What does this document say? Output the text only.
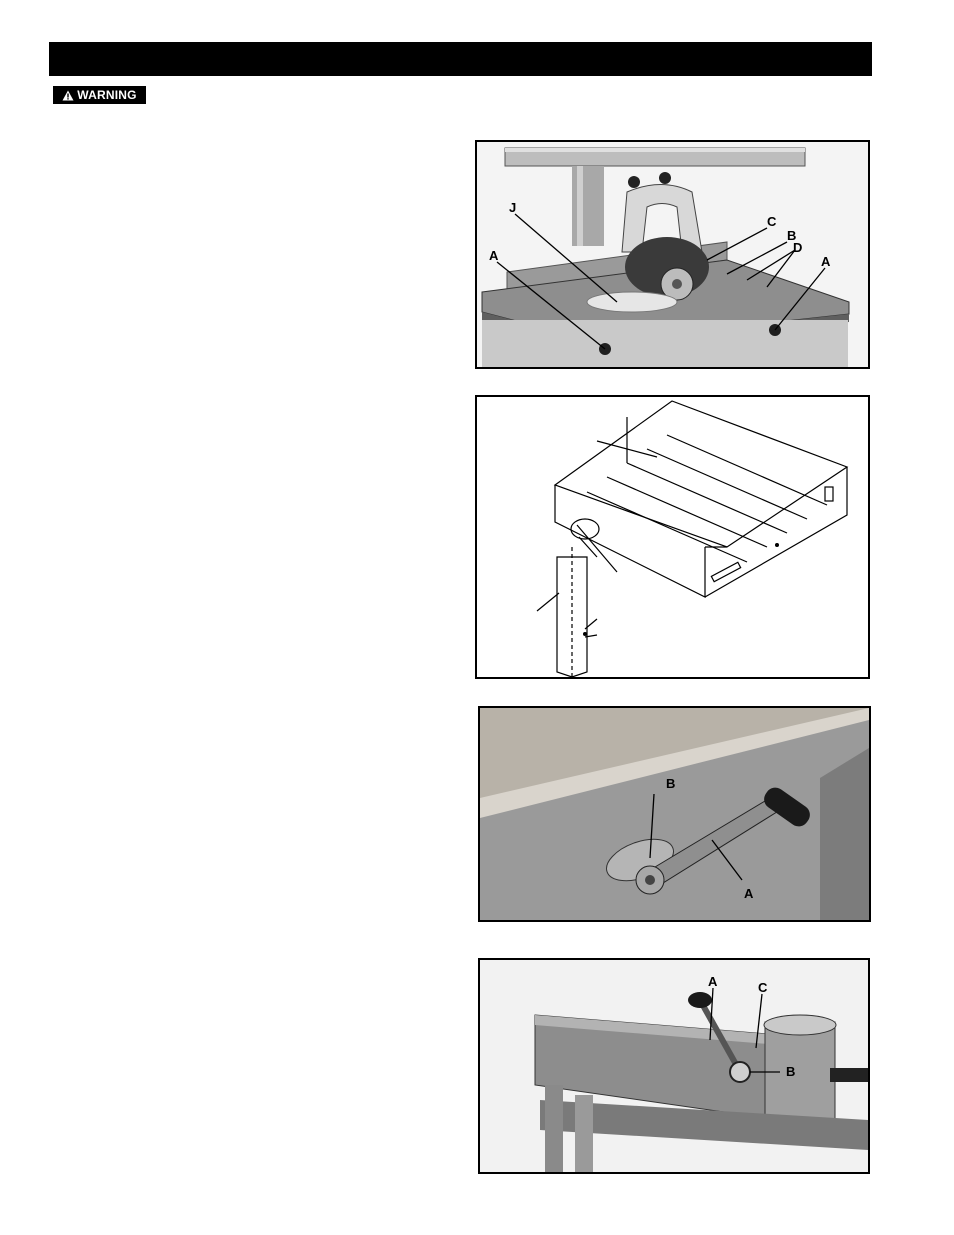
WARNING
J
C
B
D
A	A
B
A
A	C
B
